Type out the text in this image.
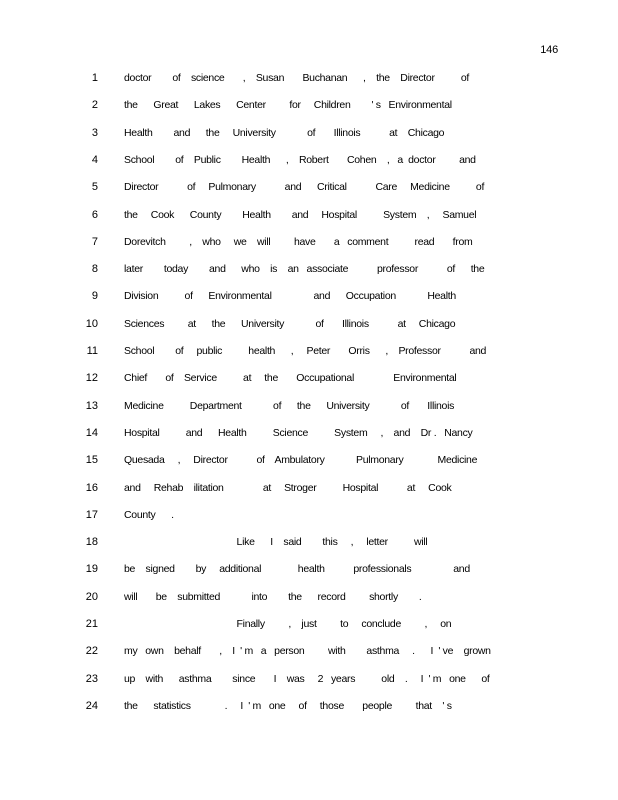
146
1 doctor        of    science       ,    Susan       Buchanan      ,    the    Director          of
2 the      Great      Lakes      Center         for     Children        ' s   Environmental
3 Health        and      the     University            of       Illinois           at    Chicago
4 School        of    Public        Health      ,    Robert       Cohen    ,   a  doctor         and
5 Director           of     Pulmonary           and      Critical           Care     Medicine          of
6 the     Cook      County        Health        and     Hospital          System    ,     Samuel
7 Dorevitch         ,    who     we    will         have       a   comment          read       from
8 later        today        and      who    is    an   associate           professor           of      the
9 Division          of      Environmental                and      Occupation            Health
10 Sciences         at      the      University            of       Illinois           at     Chicago
11 School        of     public          health      ,     Peter       Orris      ,    Professor           and
12 Chief       of    Service          at     the       Occupational               Environmental
13 Medicine          Department            of      the      University            of       Illinois
14 Hospital          and      Health          Science          System     ,    and    Dr .   Nancy
15 Quesada     ,     Director           of    Ambulatory            Pulmonary             Medicine
16 and     Rehab    ilitation               at     Stroger          Hospital           at     Cook
17 County      .
18 Like      I    said        this     ,     letter          will
19 be    signed        by     additional              health           professionals                and
20 will       be    submitted            into        the      record         shortly        .
21 Finally         ,    just         to     conclude         ,     on
22 my   own    behalf       ,    I  ' m   a   person         with        asthma     .      I  ' ve    grown
23 up    with      asthma        since       I    was     2   years          old    .     I  ' m   one      of
24 the      statistics             .     I  ' m   one     of     those       people         that    ' s
